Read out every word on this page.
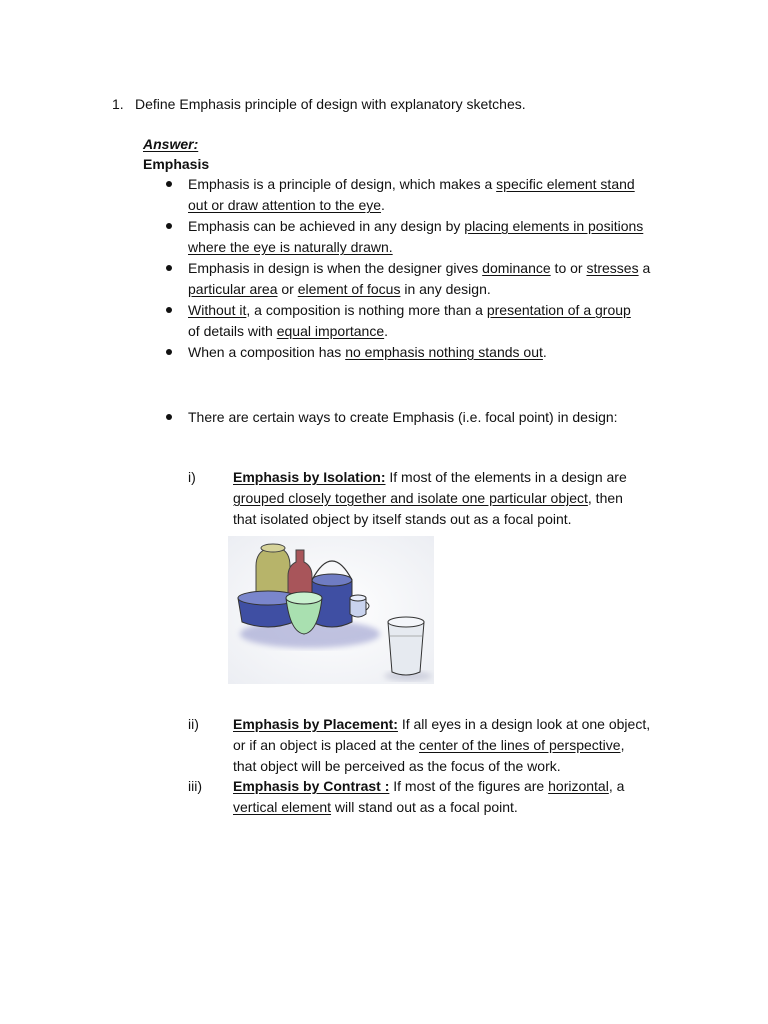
1. Define Emphasis principle of design with explanatory sketches.
Answer:
Emphasis
Emphasis is a principle of design, which makes a specific element stand
out or draw attention to the eye.
Emphasis can be achieved in any design by placing elements in positions
where the eye is naturally drawn.
Emphasis in design is when the designer gives dominance to or stresses a
particular area or element of focus in any design.
Without it, a composition is nothing more than a presentation of a group
of details with equal importance.
When a composition has no emphasis nothing stands out.
There are certain ways to create Emphasis (i.e. focal point) in design:
i)	Emphasis by Isolation: If most of the elements in a design are
grouped closely together and isolate one particular object, then
that isolated object by itself stands out as a focal point.
ii) Emphasis by Placement: If all eyes in a design look at one object,
or if an object is placed at the center of the lines of perspective,
that object will be perceived as the focus of the work.
iii) Emphasis by Contrast : If most of the figures are horizontal, a
vertical element will stand out as a focal point.
